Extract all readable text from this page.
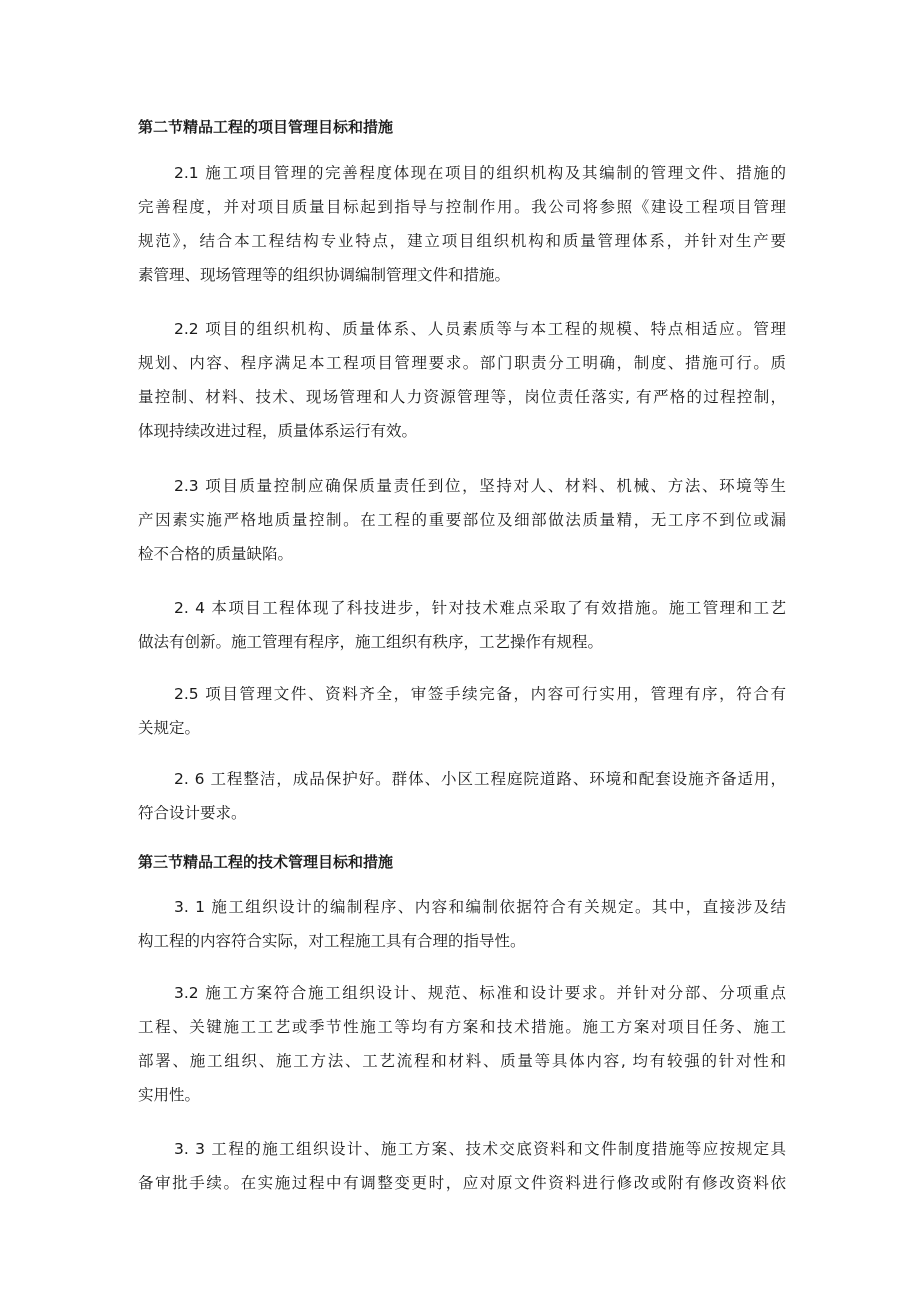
第二节精品工程的项目管理目标和措施
2.1 施工项目管理的完善程度体现在项目的组织机构及其编制的管理文件、措施的
完善程度，并对项目质量目标起到指导与控制作用。我公司将参照《建设工程项目管理
规范》，结合本工程结构专业特点，建立项目组织机构和质量管理体系，并针对生产要
素管理、现场管理等的组织协调编制管理文件和措施。
2.2 项目的组织机构、质量体系、人员素质等与本工程的规模、特点相适应。管理
规划、内容、程序满足本工程项目管理要求。部门职责分工明确，制度、措施可行。质
量控制、材料、技术、现场管理和人力资源管理等，岗位责任落实, 有严格的过程控制，
体现持续改进过程，质量体系运行有效。
2.3 项目质量控制应确保质量责任到位，坚持对人、材料、机械、方法、环境等生
产因素实施严格地质量控制。在工程的重要部位及细部做法质量精，无工序不到位或漏
检不合格的质量缺陷。
2. 4 本项目工程体现了科技进步，针对技术难点采取了有效措施。施工管理和工艺
做法有创新。施工管理有程序，施工组织有秩序，工艺操作有规程。
2.5 项目管理文件、资料齐全，审签手续完备，内容可行实用，管理有序，符合有
关规定。
2. 6 工程整洁，成品保护好。群体、小区工程庭院道路、环境和配套设施齐备适用，
符合设计要求。
第三节精品工程的技术管理目标和措施
3. 1 施工组织设计的编制程序、内容和编制依据符合有关规定。其中，直接涉及结
构工程的内容符合实际，对工程施工具有合理的指导性。
3.2 施工方案符合施工组织设计、规范、标准和设计要求。并针对分部、分项重点
工程、关键施工工艺或季节性施工等均有方案和技术措施。施工方案对项目任务、施工
部署、施工组织、施工方法、工艺流程和材料、质量等具体内容, 均有较强的针对性和
实用性。
3. 3 工程的施工组织设计、施工方案、技术交底资料和文件制度措施等应按规定具
备审批手续。在实施过程中有调整变更时，应对原文件资料进行修改或附有修改资料依
